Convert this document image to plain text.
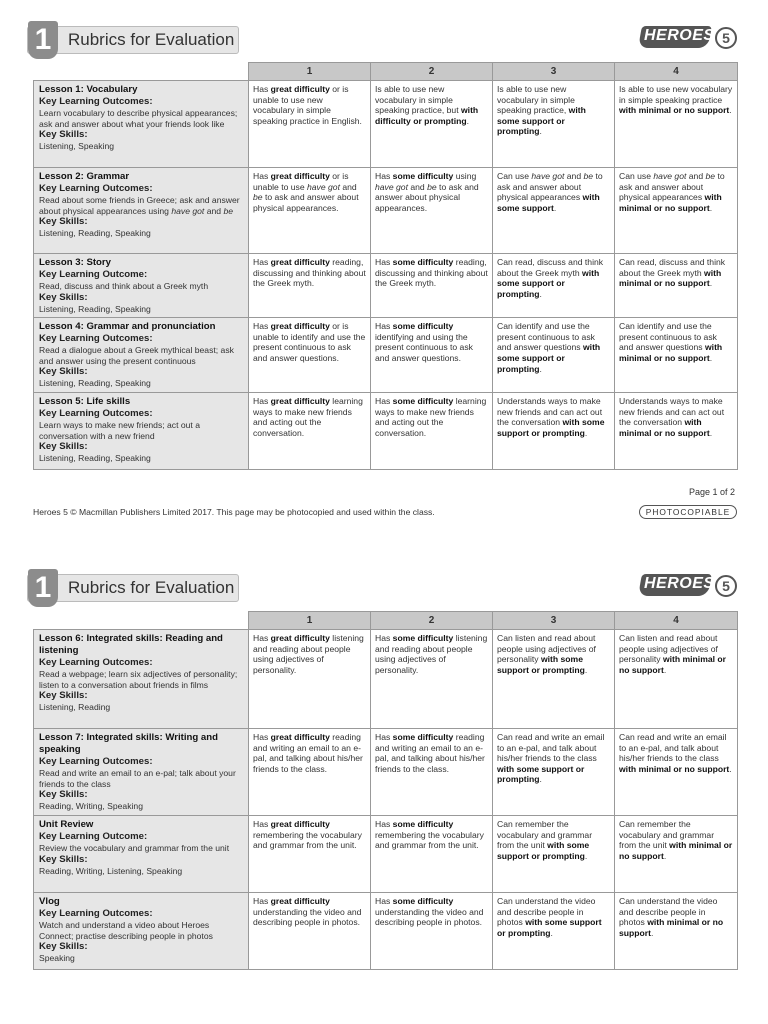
1 Rubrics for Evaluation	HEROES 5
	1	2	3	4

Lesson 1: Vocabulary
Key Learning Outcomes:
Learn vocabulary to describe physical appearances; ask and answer about what your friends look like
Key Skills:
Listening, Speaking	Has great difficulty or is unable to use new vocabulary in simple speaking practice in English.	Is able to use new vocabulary in simple speaking practice, but with difficulty or prompting.	Is able to use new vocabulary in simple speaking practice, with some support or prompting.	Is able to use new vocabulary in simple speaking practice with minimal or no support.

Lesson 2: Grammar
Key Learning Outcomes:
Read about some friends in Greece; ask and answer about physical appearances using have got and be
Key Skills:
Listening, Reading, Speaking	Has great difficulty or is unable to use have got and be to ask and answer about physical appearances.	Has some difficulty using have got and be to ask and answer about physical appearances.	Can use have got and be to ask and answer about physical appearances with some support.	Can use have got and be to ask and answer about physical appearances with minimal or no support.

Lesson 3: Story
Key Learning Outcome:
Read, discuss and think about a Greek myth
Key Skills:
Listening, Reading, Speaking	Has great difficulty reading, discussing and thinking about the Greek myth.	Has some difficulty reading, discussing and thinking about the Greek myth.	Can read, discuss and think about the Greek myth with some support or prompting.	Can read, discuss and think about the Greek myth with minimal or no support.

Lesson 4: Grammar and pronunciation
Key Learning Outcomes:
Read a dialogue about a Greek mythical beast; ask and answer using the present continuous
Key Skills:
Listening, Reading, Speaking	Has great difficulty or is unable to identify and use the present continuous to ask and answer questions.	Has some difficulty identifying and using the present continuous to ask and answer questions.	Can identify and use the present continuous to ask and answer questions with some support or prompting.	Can identify and use the present continuous to ask and answer questions with minimal or no support.

Lesson 5: Life skills
Key Learning Outcomes:
Learn ways to make new friends; act out a conversation with a new friend
Key Skills:
Listening, Reading, Speaking	Has great difficulty learning ways to make new friends and acting out the conversation.	Has some difficulty learning ways to make new friends and acting out the conversation.	Understands ways to make new friends and can act out the conversation with some support or prompting.	Understands ways to make new friends and can act out the conversation with minimal or no support.
Page 1 of 2
Heroes 5 © Macmillan Publishers Limited 2017. This page may be photocopied and used within the class.	PHOTOCOPIABLE
1 Rubrics for Evaluation	HEROES 5
	1	2	3	4

Lesson 6: Integrated skills: Reading and listening
Key Learning Outcomes:
Read a webpage; learn six adjectives of personality; listen to a conversation about friends in films
Key Skills:
Listening, Reading	Has great difficulty listening and reading about people using adjectives of personality.	Has some difficulty listening and reading about people using adjectives of personality.	Can listen and read about people using adjectives of personality with some support or prompting.	Can listen and read about people using adjectives of personality with minimal or no support.

Lesson 7: Integrated skills: Writing and speaking
Key Learning Outcomes:
Read and write an email to an e-pal; talk about your friends to the class
Key Skills:
Reading, Writing, Speaking	Has great difficulty reading and writing an email to an e-pal, and talking about his/her friends to the class.	Has some difficulty reading and writing an email to an e-pal, and talking about his/her friends to the class.	Can read and write an email to an e-pal, and talk about his/her friends to the class with some support or prompting.	Can read and write an email to an e-pal, and talk about his/her friends to the class with minimal or no support.

Unit Review
Key Learning Outcome:
Review the vocabulary and grammar from the unit
Key Skills:
Reading, Writing, Listening, Speaking	Has great difficulty remembering the vocabulary and grammar from the unit.	Has some difficulty remembering the vocabulary and grammar from the unit.	Can remember the vocabulary and grammar from the unit with some support or prompting.	Can remember the vocabulary and grammar from the unit with minimal or no support.

Vlog
Key Learning Outcomes:
Watch and understand a video about Heroes Connect; practise describing people in photos
Key Skills:
Speaking	Has great difficulty understanding the video and describing people in photos.	Has some difficulty understanding the video and describing people in photos.	Can understand the video and describe people in photos with some support or prompting.	Can understand the video and describe people in photos with minimal or no support.
